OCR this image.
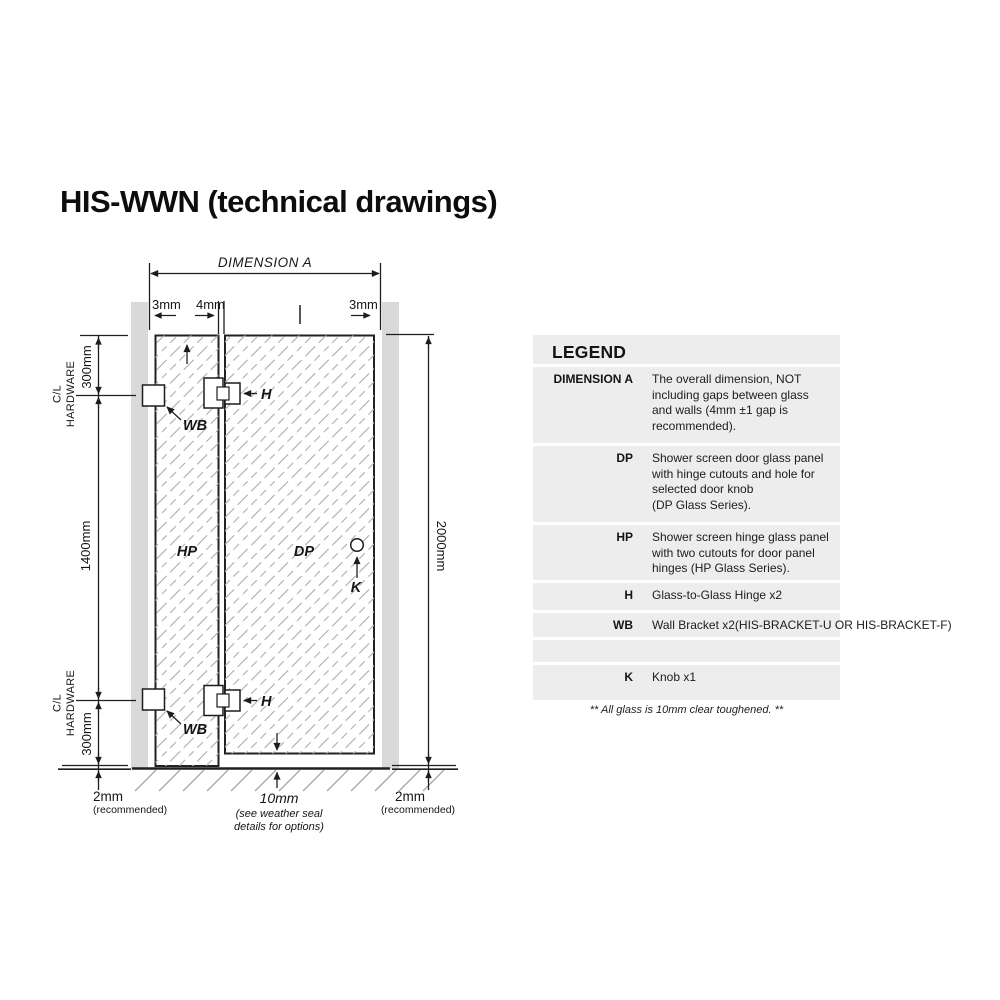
HIS-WWN (technical drawings)
DIMENSION A
3mm 4mm	3mm
C/L HARDWARE 300mm
1400mm
C/L HARDWARE 300mm
2000mm
WB
WB
H
H
HP	DP
K
2mm
(recommended)
10mm
(see weather seal
details for options)
2mm
(recommended)
LEGEND
DIMENSION A The overall dimension, NOT
including gaps between glass
and walls (4mm ±1 gap is
recommended).
DP Shower screen door glass panel
with hinge cutouts and hole for
selected door knob
(DP Glass Series).
HP Shower screen hinge glass panel
with two cutouts for door panel
hinges (HP Glass Series).
H Glass-to-Glass Hinge x2
WB Wall Bracket x2(HIS-BRACKET-U OR HIS-BRACKET-F)
K Knob x1
** All glass is 10mm clear toughened. **
